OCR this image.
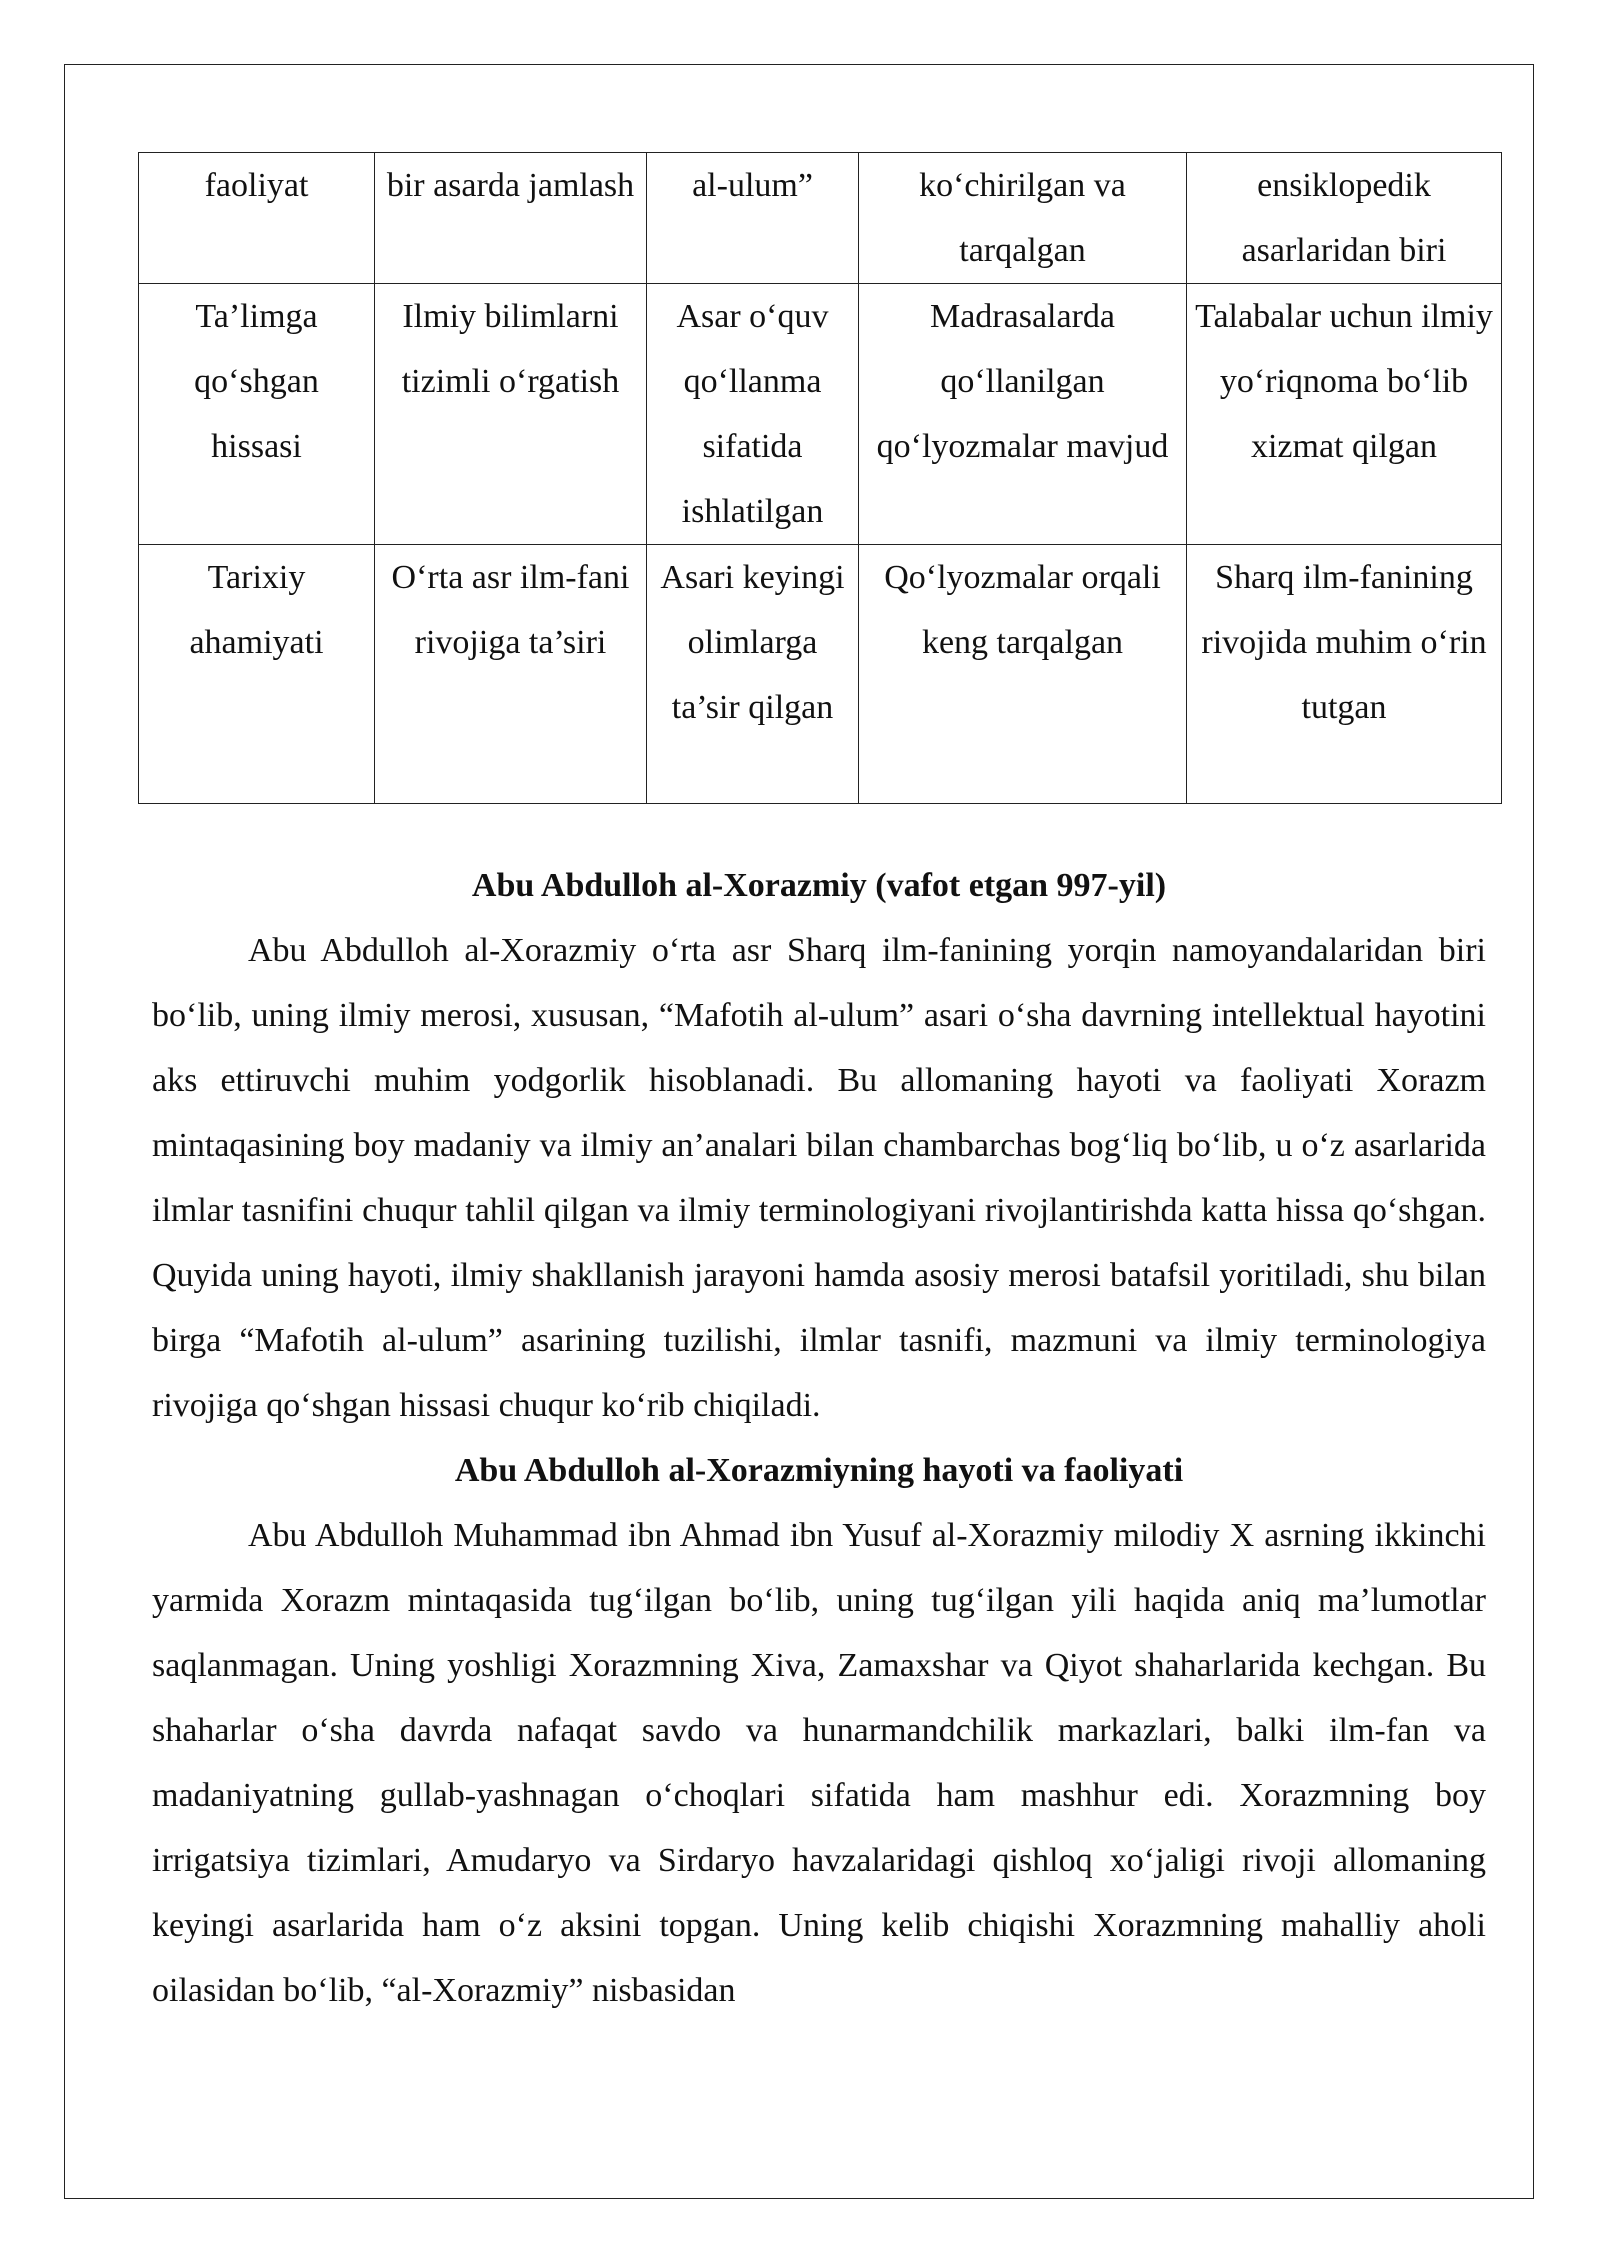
faoliyat	bir asarda jamlash	al-ulum”	ko‘chirilgan va tarqalgan	ensiklopedik asarlaridan biri
Ta’limga qo‘shgan hissasi	Ilmiy bilimlarni tizimli o‘rgatish	Asar o‘quv qo‘llanma sifatida ishlatilgan	Madrasalarda qo‘llanilgan qo‘lyozmalar mavjud	Talabalar uchun ilmiy yo‘riqnoma bo‘lib xizmat qilgan
Tarixiy ahamiyati	O‘rta asr ilm-fani rivojiga ta’siri	Asari keyingi olimlarga ta’sir qilgan	Qo‘lyozmalar orqali keng tarqalgan	Sharq ilm-fanining rivojida muhim o‘rin tutgan

Abu Abdulloh al-Xorazmiy (vafot etgan 997-yil)

Abu Abdulloh al-Xorazmiy o‘rta asr Sharq ilm-fanining yorqin namoyandalaridan biri bo‘lib, uning ilmiy merosi, xususan, “Mafotih al-ulum” asari o‘sha davrning intellektual hayotini aks ettiruvchi muhim yodgorlik hisoblanadi. Bu allomaning hayoti va faoliyati Xorazm mintaqasining boy madaniy va ilmiy an’analari bilan chambarchas bog‘liq bo‘lib, u o‘z asarlarida ilmlar tasnifini chuqur tahlil qilgan va ilmiy terminologiyani rivojlantirishda katta hissa qo‘shgan. Quyida uning hayoti, ilmiy shakllanish jarayoni hamda asosiy merosi batafsil yoritiladi, shu bilan birga “Mafotih al-ulum” asarining tuzilishi, ilmlar tasnifi, mazmuni va ilmiy terminologiya rivojiga qo‘shgan hissasi chuqur ko‘rib chiqiladi.

Abu Abdulloh al-Xorazmiyning hayoti va faoliyati

Abu Abdulloh Muhammad ibn Ahmad ibn Yusuf al-Xorazmiy milodiy X asrning ikkinchi yarmida Xorazm mintaqasida tug‘ilgan bo‘lib, uning tug‘ilgan yili haqida aniq ma’lumotlar saqlanmagan. Uning yoshligi Xorazmning Xiva, Zamaxshar va Qiyot shaharlarida kechgan. Bu shaharlar o‘sha davrda nafaqat savdo va hunarmandchilik markazlari, balki ilm-fan va madaniyatning gullab-yashnagan o‘choqlari sifatida ham mashhur edi. Xorazmning boy irrigatsiya tizimlari, Amudaryo va Sirdaryo havzalaridagi qishloq xo‘jaligi rivoji allomaning keyingi asarlarida ham o‘z aksini topgan. Uning kelib chiqishi Xorazmning mahalliy aholi oilasidan bo‘lib, “al-Xorazmiy” nisbasidan
